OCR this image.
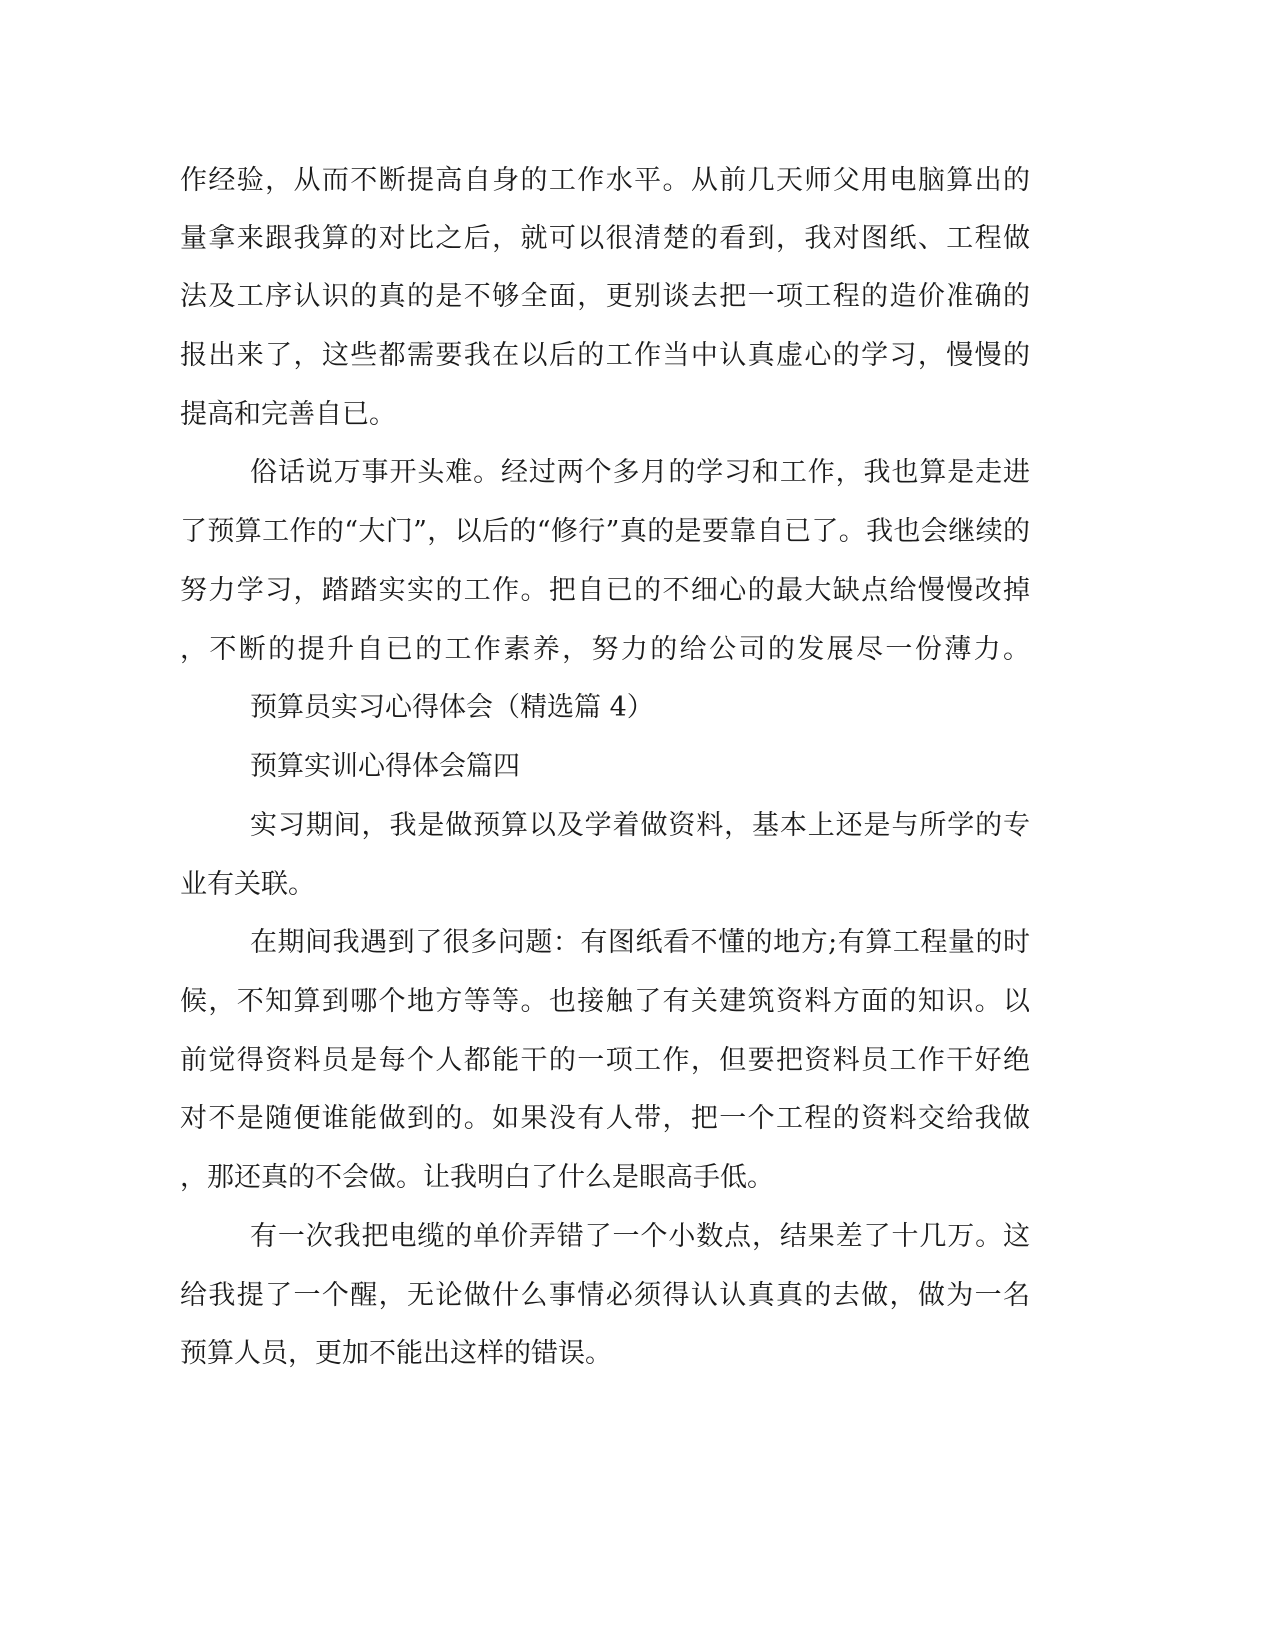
作经验，从而不断提高自身的工作水平。从前几天师父用电脑算出的
量拿来跟我算的对比之后，就可以很清楚的看到，我对图纸、工程做
法及工序认识的真的是不够全面，更别谈去把一项工程的造价准确的
报出来了，这些都需要我在以后的工作当中认真虚心的学习，慢慢的
提高和完善自已。
俗话说万事开头难。经过两个多月的学习和工作，我也算是走进
了预算工作的“大门”，以后的“修行”真的是要靠自已了。我也会继续的
努力学习，踏踏实实的工作。把自已的不细心的最大缺点给慢慢改掉
，不断的提升自已的工作素养，努力的给公司的发展尽一份薄力。
预算员实习心得体会（精选篇 4）
预算实训心得体会篇四
实习期间，我是做预算以及学着做资料，基本上还是与所学的专
业有关联。
在期间我遇到了很多问题：有图纸看不懂的地方;有算工程量的时
候，不知算到哪个地方等等。也接触了有关建筑资料方面的知识。以
前觉得资料员是每个人都能干的一项工作，但要把资料员工作干好绝
对不是随便谁能做到的。如果没有人带，把一个工程的资料交给我做
，那还真的不会做。让我明白了什么是眼高手低。
有一次我把电缆的单价弄错了一个小数点，结果差了十几万。这
给我提了一个醒，无论做什么事情必须得认认真真的去做，做为一名
预算人员，更加不能出这样的错误。
